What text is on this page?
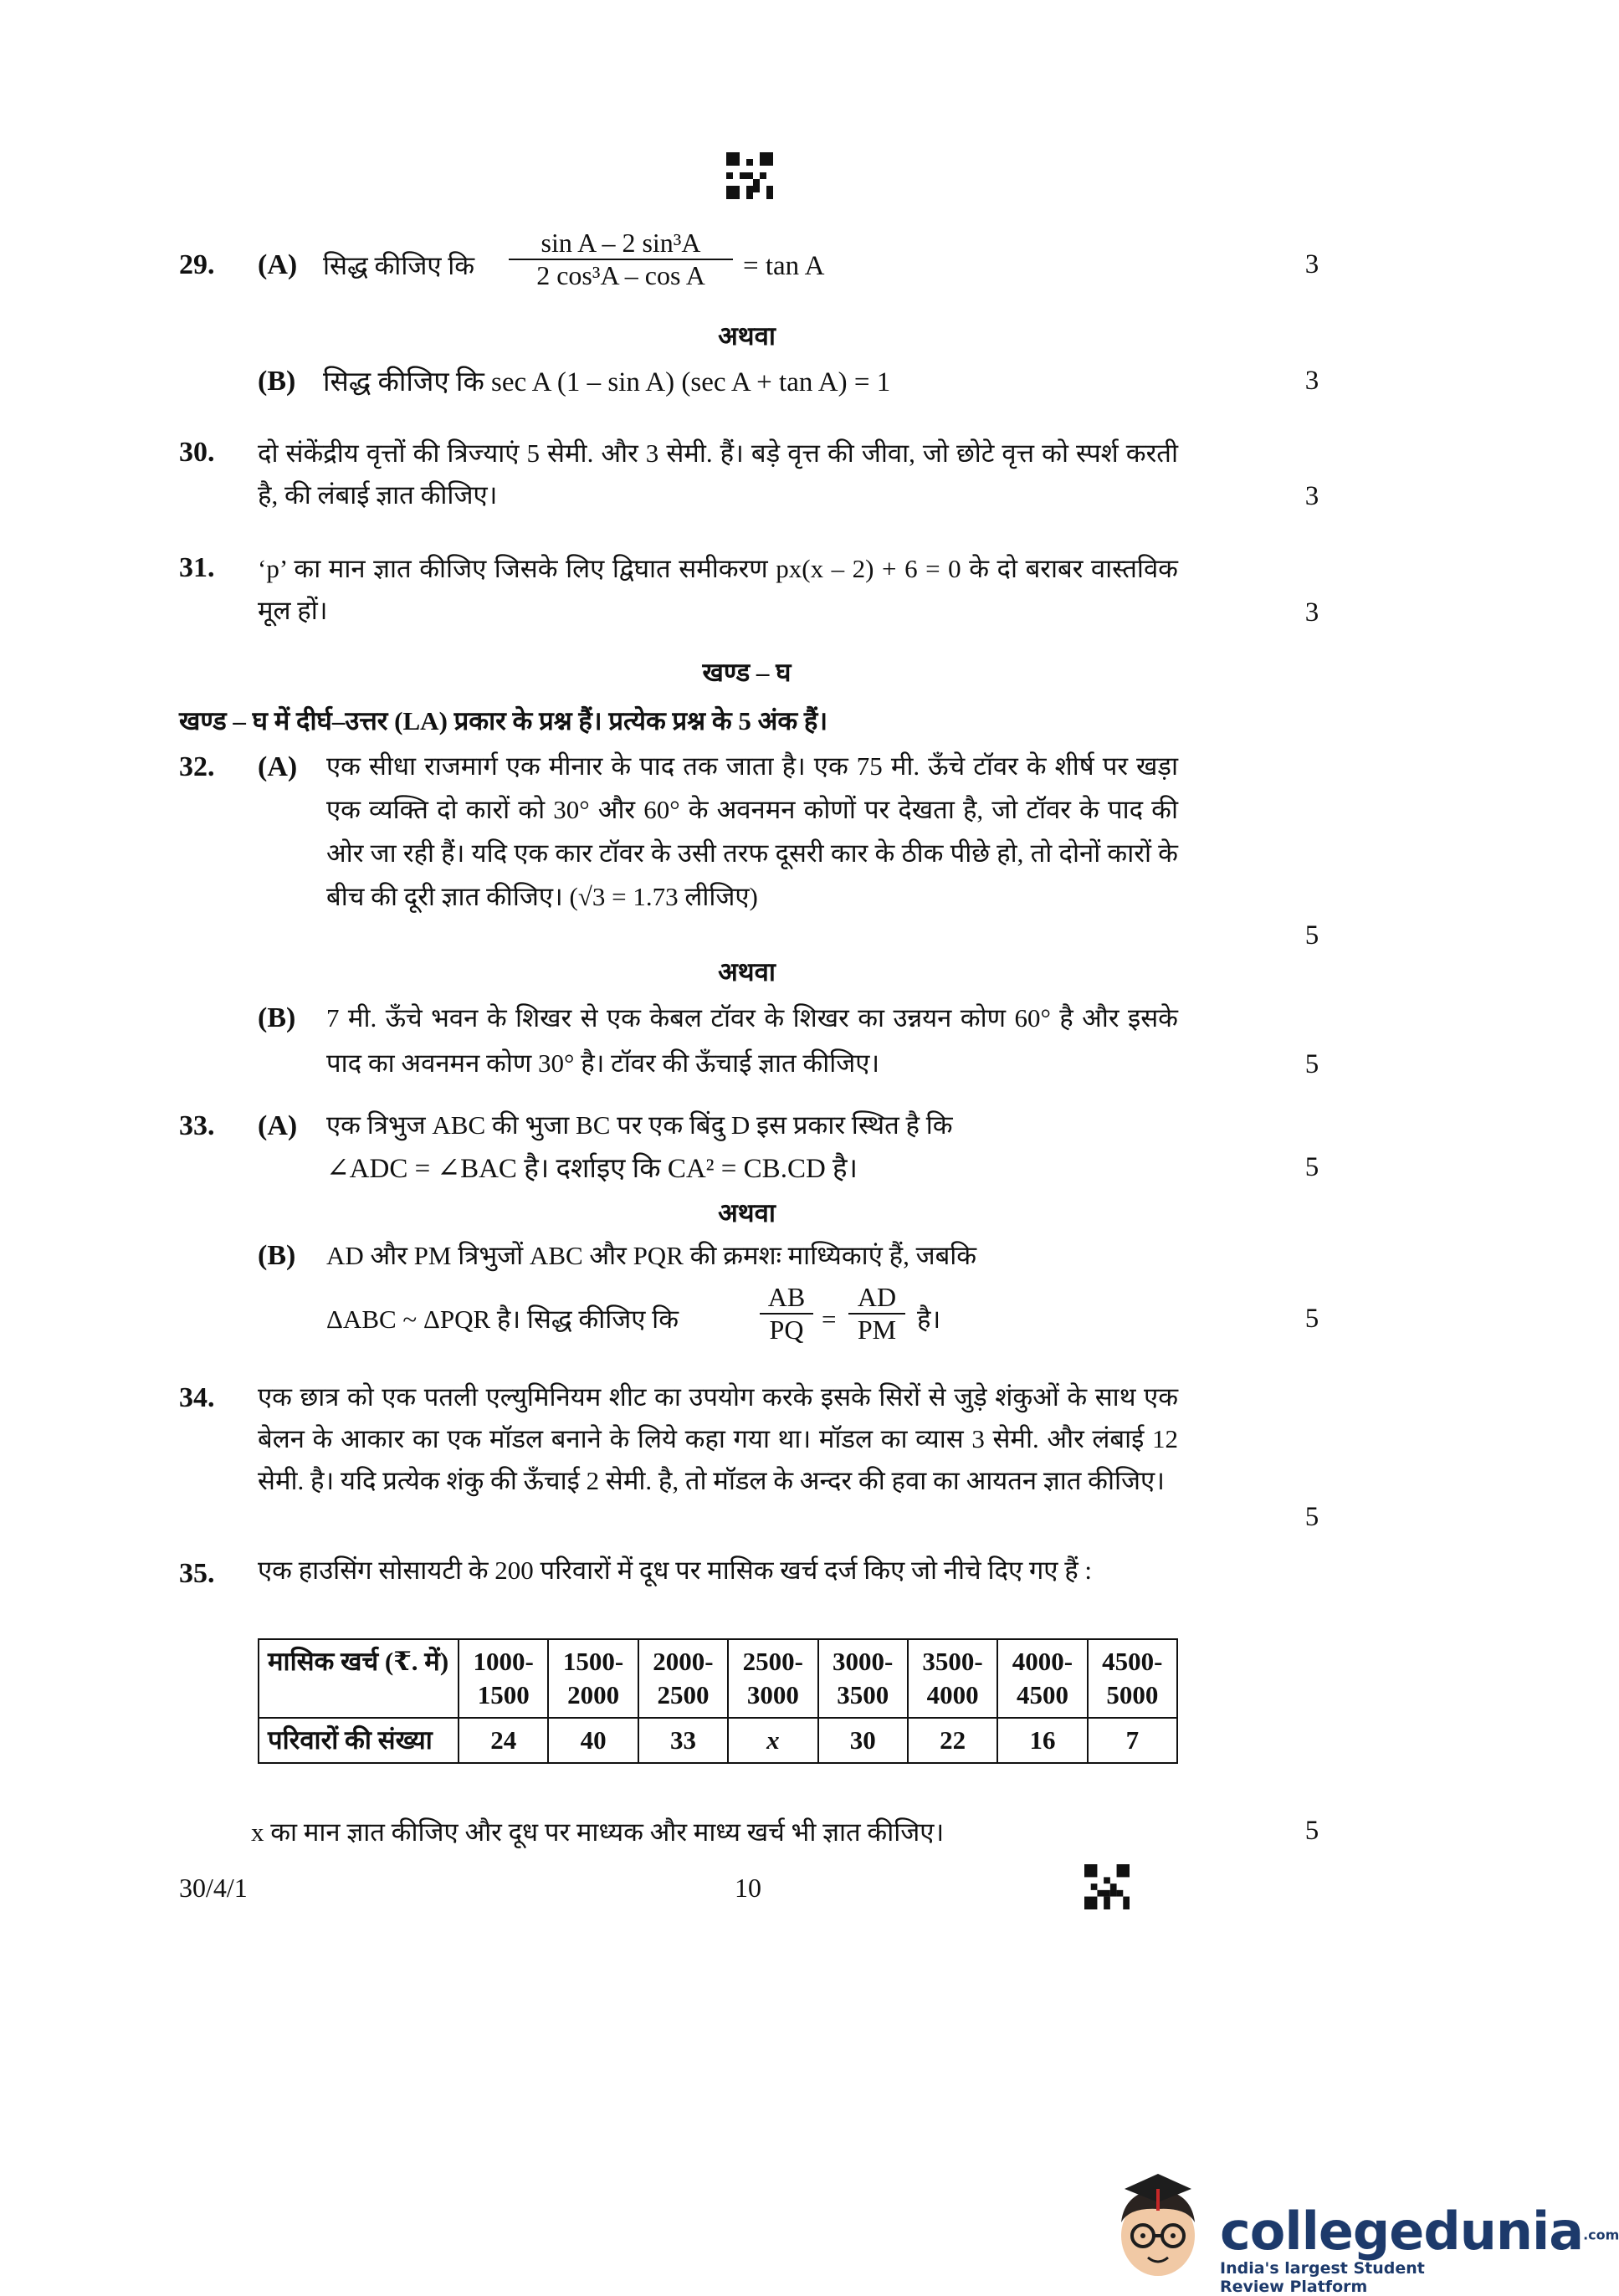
29. (A) सिद्ध कीजिए कि $\frac{\text{sin A – 2 sin³A}}{\text{2 cos³A – cos A}} = \tan A$	3
अथवा
(B) सिद्ध कीजिए कि sec A (1 – sin A) (sec A + tan A) = 1	3
30. दो संकेंद्रीय वृत्तों की त्रिज्याएं 5 सेमी. और 3 सेमी. हैं। बड़े वृत्त की जीवा, जो छोटे वृत्त को स्पर्श करती है, की लंबाई ज्ञात कीजिए।	3
31. ‘p’ का मान ज्ञात कीजिए जिसके लिए द्विघात समीकरण px(x – 2) + 6 = 0 के दो बराबर वास्तविक मूल हों।	3
खण्ड – घ
खण्ड – घ में दीर्घ–उत्तर (LA) प्रकार के प्रश्न हैं। प्रत्येक प्रश्न के 5 अंक हैं।
32. (A) एक सीधा राजमार्ग एक मीनार के पाद तक जाता है। एक 75 मी. ऊँचे टॉवर के शीर्ष पर खड़ा एक व्यक्ति दो कारों को 30° और 60° के अवनमन कोणों पर देखता है, जो टॉवर के पाद की ओर जा रही हैं। यदि एक कार टॉवर के उसी तरफ दूसरी कार के ठीक पीछे हो, तो दोनों कारों के बीच की दूरी ज्ञात कीजिए। (√3 = 1.73 लीजिए)
5
अथवा
(B) 7 मी. ऊँचे भवन के शिखर से एक केबल टॉवर के शिखर का उन्नयन कोण 60° है और इसके पाद का अवनमन कोण 30° है। टॉवर की ऊँचाई ज्ञात कीजिए।	5
33. (A) एक त्रिभुज ABC की भुजा BC पर एक बिंदु D इस प्रकार स्थित है कि
∠ADC = ∠BAC है। दर्शाइए कि CA² = CB.CD है।	5
अथवा
(B) AD और PM त्रिभुजों ABC और PQR की क्रमशः माध्यिकाएं हैं, जबकि
ΔABC ~ ΔPQR है। सिद्ध कीजिए कि	$\frac{AB}{PQ} = \frac{AD}{PM}$ है।	5
34. एक छात्र को एक पतली एल्युमिनियम शीट का उपयोग करके इसके सिरों से जुड़े शंकुओं के साथ एक बेलन के आकार का एक मॉडल बनाने के लिये कहा गया था। मॉडल का व्यास 3 सेमी. और लंबाई 12 सेमी. है। यदि प्रत्येक शंकु की ऊँचाई 2 सेमी. है, तो मॉडल के अन्दर की हवा का आयतन ज्ञात कीजिए।
5
35. एक हाउसिंग सोसायटी के 200 परिवारों में दूध पर मासिक खर्च दर्ज किए जो नीचे दिए गए हैं :
मासिक खर्च (₹. में)	1000-1500	1500-2000	2000-2500	2500-3000	3000-3500	3500-4000	4000-4500	4500-5000
परिवारों की संख्या	24	40	33	x	30	22	16	7
x का मान ज्ञात कीजिए और दूध पर माध्यक और माध्य खर्च भी ज्ञात कीजिए।	5
30/4/1	10
collegedunia.com
India's largest Student Review Platform
